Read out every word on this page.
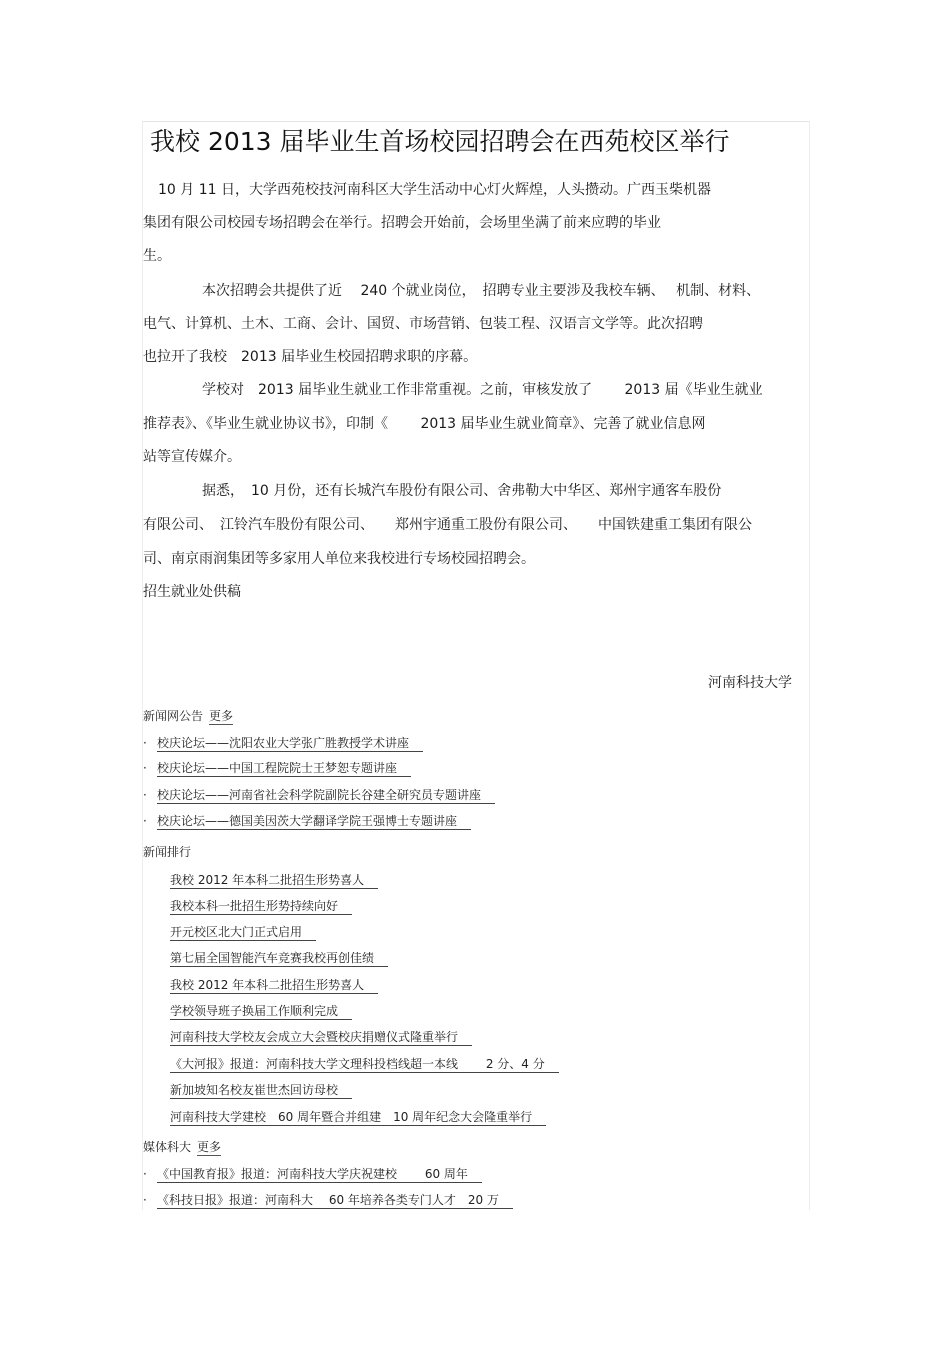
我校 2013 届毕业生首场校园招聘会在西苑校区举行
10 月 11 日，大学西苑校技河南科区大学生活动中心灯火辉煌，人头攒动。广西玉柴机器
集团有限公司校园专场招聘会在举行。招聘会开始前，会场里坐满了前来应聘的毕业
生。
本次招聘会共提供了近　 240 个就业岗位，　招聘专业主要涉及我校车辆、　 机制、材料、
电气、计算机、土木、工商、会计、国贸、市场营销、包装工程、汉语言文学等。此次招聘
也拉开了我校　2013 届毕业生校园招聘求职的序幕。
学校对　2013 届毕业生就业工作非常重视。之前，审核发放了　　 2013 届《毕业生就业
推荐表》、《毕业生就业协议书》，印制《　　 2013 届毕业生就业简章》、完善了就业信息网
站等宣传媒介。
据悉，　10 月份，还有长城汽车股份有限公司、舍弗勒大中华区、郑州宇通客车股份
有限公司、　江铃汽车股份有限公司、　　郑州宇通重工股份有限公司、　　中国铁建重工集团有限公
司、南京雨润集团等多家用人单位来我校进行专场校园招聘会。
招生就业处供稿
河南科技大学
新闻网公告 更多
· 校庆论坛——沈阳农业大学张广胜教授学术讲座
· 校庆论坛——中国工程院院士王梦恕专题讲座
· 校庆论坛——河南省社会科学院副院长谷建全研究员专题讲座
· 校庆论坛——德国美因茨大学翻译学院王强博士专题讲座
新闻排行
我校 2012 年本科二批招生形势喜人
我校本科一批招生形势持续向好
开元校区北大门正式启用
第七届全国智能汽车竞赛我校再创佳绩
我校 2012 年本科二批招生形势喜人
学校领导班子换届工作顺利完成
河南科技大学校友会成立大会暨校庆捐赠仪式隆重举行
《大河报》报道：河南科技大学文理科投档线超一本线　　 2 分、4 分
新加坡知名校友崔世杰回访母校
河南科技大学建校　60 周年暨合并组建　10 周年纪念大会隆重举行
媒体科大 更多
· 《中国教育报》报道：河南科技大学庆祝建校　　 60 周年
· 《科技日报》报道：河南科大　 60 年培养各类专门人才　20 万
